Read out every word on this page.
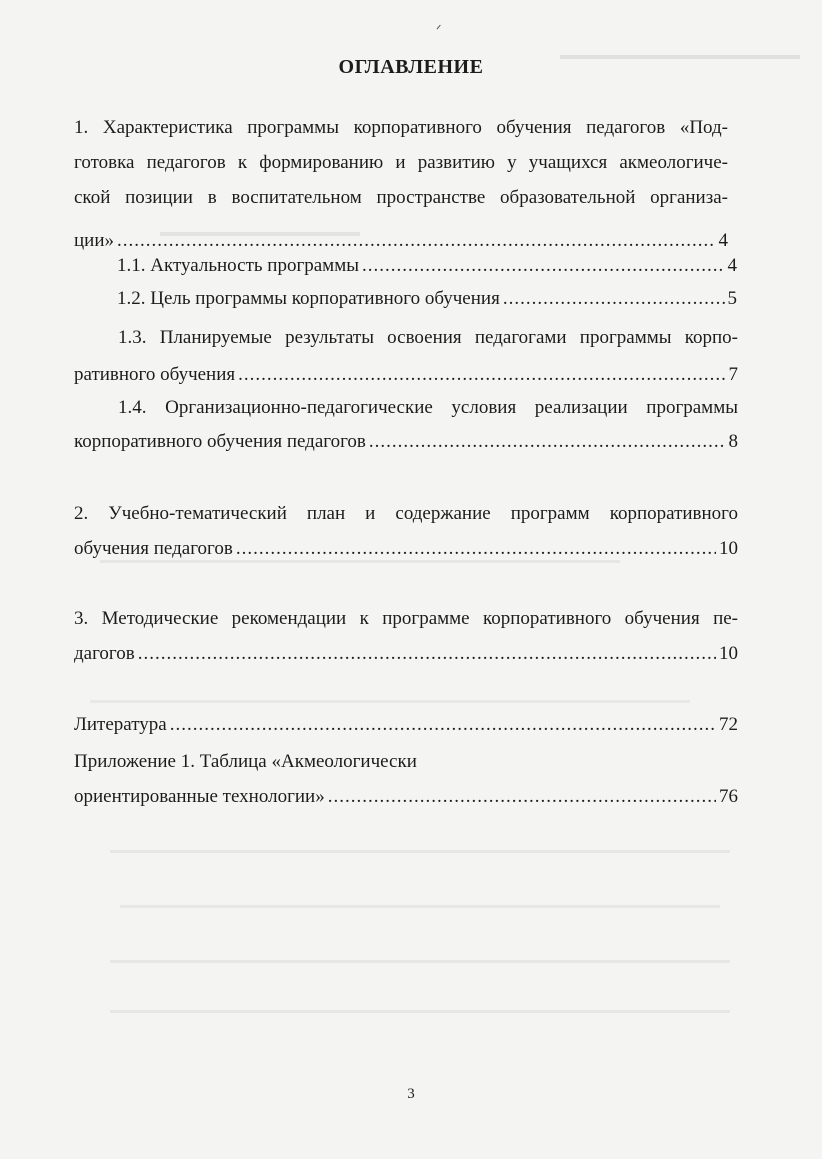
ᐟ
ОГЛАВЛЕНИЕ
1. Характеристика программы корпоративного обучения педагогов «Под-
готовка педагогов к формированию и развитию у учащихся акмеологиче-
ской позиции в воспитательном пространстве образовательной организа-
ции» .....	4
1.1. Актуальность программы .....	4
1.2. Цель программы корпоративного обучения .....	5
1.3. Планируемые результаты освоения педагогами программы корпо-
ративного обучения .....	7
1.4. Организационно-педагогические условия реализации программы
корпоративного обучения педагогов .....	8
2. Учебно-тематический план и содержание программ корпоративного
обучения педагогов .....	10
3. Методические рекомендации к программе корпоративного обучения пе-
дагогов .....	10
Литература .....	72
Приложение 1. Таблица «Акмеологически
ориентированные технологии» .....	76
3
